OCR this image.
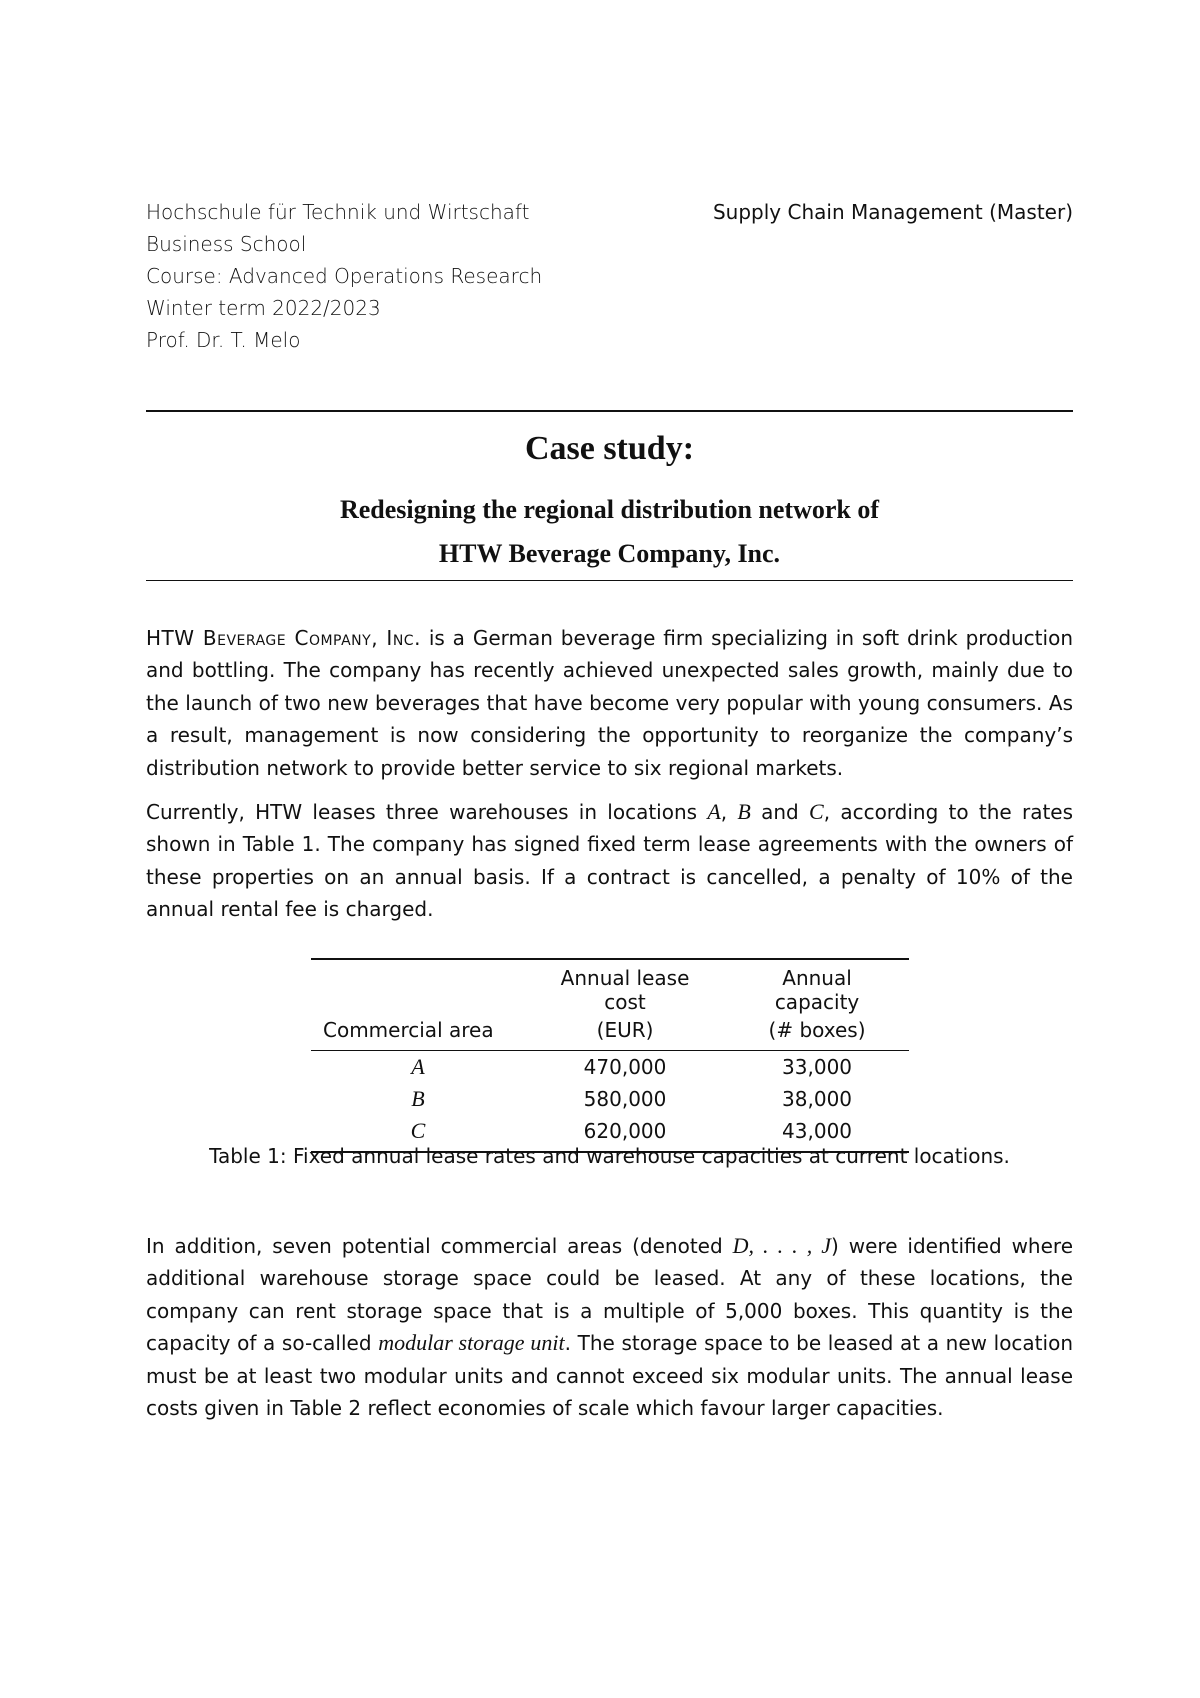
Hochschule für Technik und Wirtschaft
Business School
Course: Advanced Operations Research
Winter term 2022/2023
Prof. Dr. T. Melo
Supply Chain Management (Master)
Case study:
Redesigning the regional distribution network of
HTW Beverage Company, Inc.
HTW Beverage Company, Inc. is a German beverage firm specializing in soft drink production and bottling. The company has recently achieved unexpected sales growth, mainly due to the launch of two new beverages that have become very popular with young consumers. As a result, management is now considering the opportunity to reorganize the company’s distribution network to provide better service to six regional markets.
Currently, HTW leases three warehouses in locations A, B and C, according to the rates shown in Table 1. The company has signed fixed term lease agreements with the owners of these properties on an annual basis. If a contract is cancelled, a penalty of 10% of the annual rental fee is charged.
	Annual lease cost	Annual capacity
Commercial area	(EUR)	(# boxes)
A	470,000	33,000
B	580,000	38,000
C	620,000	43,000
Table 1: Fixed annual lease rates and warehouse capacities at current locations.
In addition, seven potential commercial areas (denoted D, . . . , J) were identified where additional warehouse storage space could be leased. At any of these locations, the company can rent storage space that is a multiple of 5,000 boxes. This quantity is the capacity of a so-called modular storage unit. The storage space to be leased at a new location must be at least two modular units and cannot exceed six modular units. The annual lease costs given in Table 2 reflect economies of scale which favour larger capacities.
